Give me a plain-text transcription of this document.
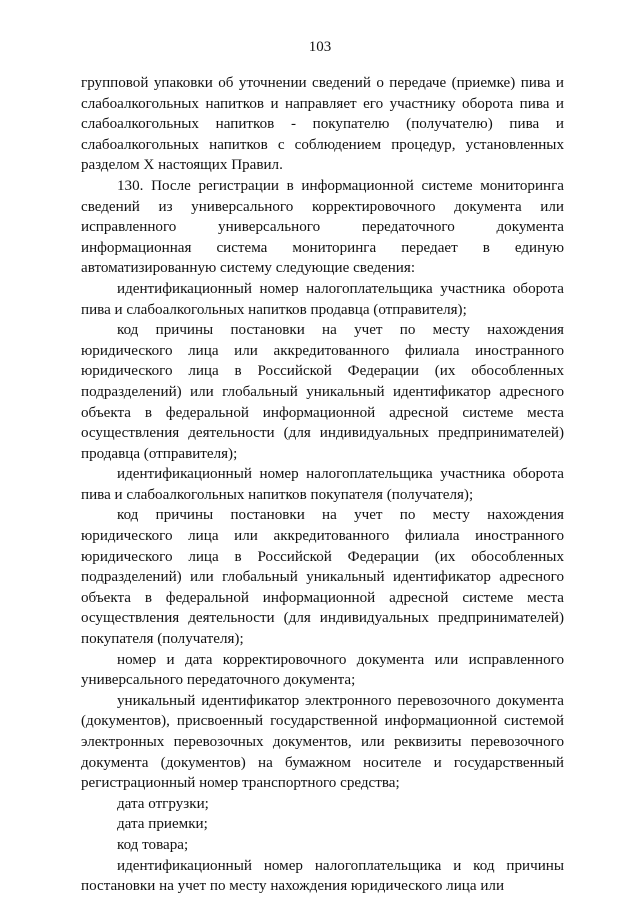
103

групповой упаковки об уточнении сведений о передаче (приемке) пива и слабоалкогольных напитков и направляет его участнику оборота пива и слабоалкогольных напитков - покупателю (получателю) пива и слабоалкогольных напитков с соблюдением процедур, установленных разделом X настоящих Правил.

130. После регистрации в информационной системе мониторинга сведений из универсального корректировочного документа или исправленного универсального передаточного документа информационная система мониторинга передает в единую автоматизированную систему следующие сведения:

идентификационный номер налогоплательщика участника оборота пива и слабоалкогольных напитков продавца (отправителя);

код причины постановки на учет по месту нахождения юридического лица или аккредитованного филиала иностранного юридического лица в Российской Федерации (их обособленных подразделений) или глобальный уникальный идентификатор адресного объекта в федеральной информационной адресной системе места осуществления деятельности (для индивидуальных предпринимателей) продавца (отправителя);

идентификационный номер налогоплательщика участника оборота пива и слабоалкогольных напитков покупателя (получателя);

код причины постановки на учет по месту нахождения юридического лица или аккредитованного филиала иностранного юридического лица в Российской Федерации (их обособленных подразделений) или глобальный уникальный идентификатор адресного объекта в федеральной информационной адресной системе места осуществления деятельности (для индивидуальных предпринимателей) покупателя (получателя);

номер и дата корректировочного документа или исправленного универсального передаточного документа;

уникальный идентификатор электронного перевозочного документа (документов), присвоенный государственной информационной системой электронных перевозочных документов, или реквизиты перевозочного документа (документов) на бумажном носителе и государственный регистрационный номер транспортного средства;

дата отгрузки;

дата приемки;

код товара;

идентификационный номер налогоплательщика и код причины постановки на учет по месту нахождения юридического лица или
